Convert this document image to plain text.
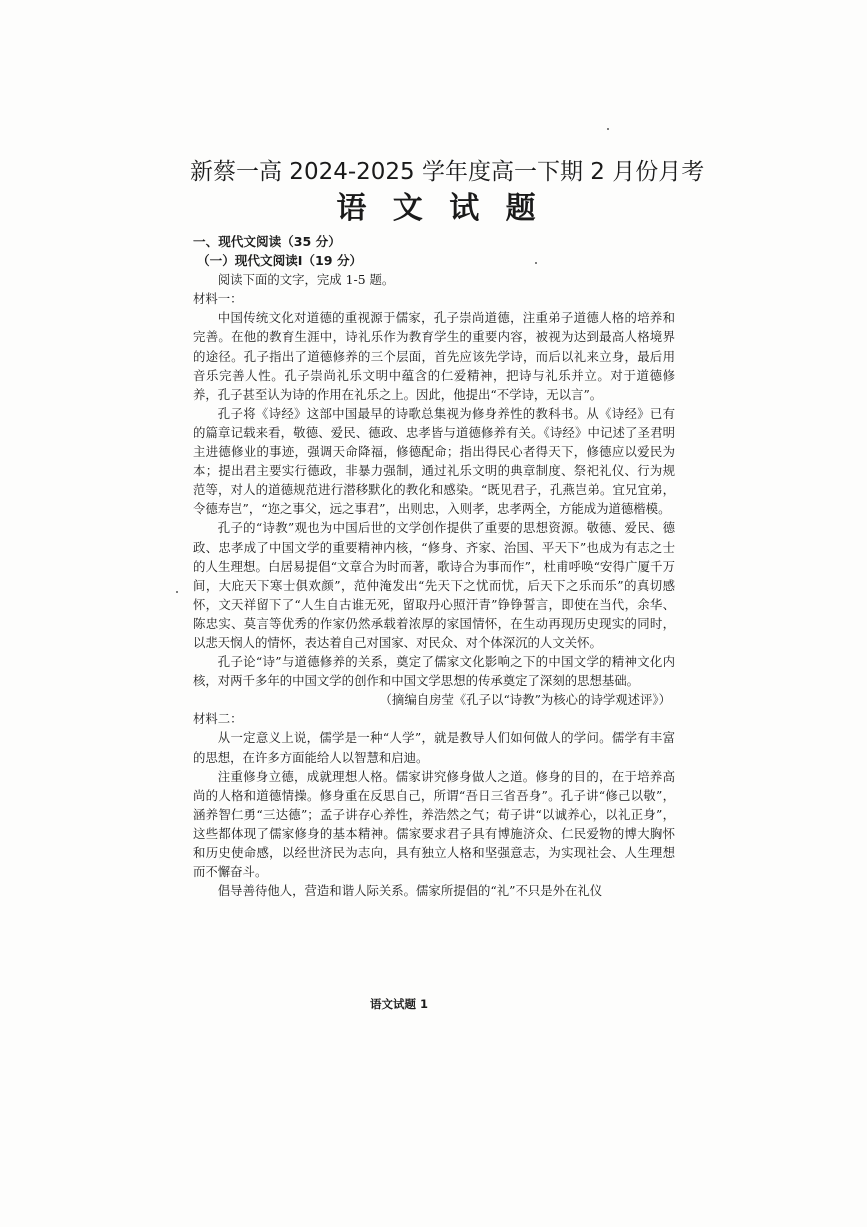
新蔡一高 2024-2025 学年度高一下期 2 月份月考
语 文 试 题

一、现代文阅读（35 分）

（一）现代文阅读Ⅰ（19 分）

阅读下面的文字，完成 1-5 题。

材料一：

中国传统文化对道德的重视源于儒家，孔子崇尚道德，注重弟子道德人格的培养和完善。在他的教育生涯中，诗礼乐作为教育学生的重要内容，被视为达到最高人格境界的途径。孔子指出了道德修养的三个层面，首先应该先学诗，而后以礼来立身，最后用音乐完善人性。孔子崇尚礼乐文明中蕴含的仁爱精神，把诗与礼乐并立。对于道德修养，孔子甚至认为诗的作用在礼乐之上。因此，他提出“不学诗，无以言”。

孔子将《诗经》这部中国最早的诗歌总集视为修身养性的教科书。从《诗经》已有的篇章记载来看，敬德、爱民、德政、忠孝皆与道德修养有关。《诗经》中记述了圣君明主进德修业的事迹，强调天命降福，修德配命；指出得民心者得天下，修德应以爱民为本；提出君主要实行德政，非暴力强制，通过礼乐文明的典章制度、祭祀礼仪、行为规范等，对人的道德规范进行潜移默化的教化和感染。“既见君子，孔燕岂弟。宜兄宜弟，令德寿岂”，“迩之事父，远之事君”，出则忠，入则孝，忠孝两全，方能成为道德楷模。

孔子的“诗教”观也为中国后世的文学创作提供了重要的思想资源。敬德、爱民、德政、忠孝成了中国文学的重要精神内核，“修身、齐家、治国、平天下”也成为有志之士的人生理想。白居易提倡“文章合为时而著，歌诗合为事而作”，杜甫呼唤“安得广厦千万间，大庇天下寒士俱欢颜”，范仲淹发出“先天下之忧而忧，后天下之乐而乐”的真切感怀，文天祥留下了“人生自古谁无死，留取丹心照汗青”铮铮誓言，即使在当代，余华、陈忠实、莫言等优秀的作家仍然承载着浓厚的家国情怀，在生动再现历史现实的同时，以悲天悯人的情怀，表达着自己对国家、对民众、对个体深沉的人文关怀。

孔子论“诗”与道德修养的关系，奠定了儒家文化影响之下的中国文学的精神文化内核，对两千多年的中国文学的创作和中国文学思想的传承奠定了深刻的思想基础。

（摘编自房莹《孔子以“诗教”为核心的诗学观述评》）

材料二：

从一定意义上说，儒学是一种“人学”，就是教导人们如何做人的学问。儒学有丰富的思想，在许多方面能给人以智慧和启迪。

注重修身立德，成就理想人格。儒家讲究修身做人之道。修身的目的，在于培养高尚的人格和道德情操。修身重在反思自己，所谓“吾日三省吾身”。孔子讲“修己以敬”，涵养智仁勇“三达德”；孟子讲存心养性，养浩然之气；荀子讲“以诚养心，以礼正身”，这些都体现了儒家修身的基本精神。儒家要求君子具有博施济众、仁民爱物的博大胸怀和历史使命感，以经世济民为志向，具有独立人格和坚强意志，为实现社会、人生理想而不懈奋斗。

倡导善待他人，营造和谐人际关系。儒家所提倡的“礼”不只是外在礼仪

语文试题 1
